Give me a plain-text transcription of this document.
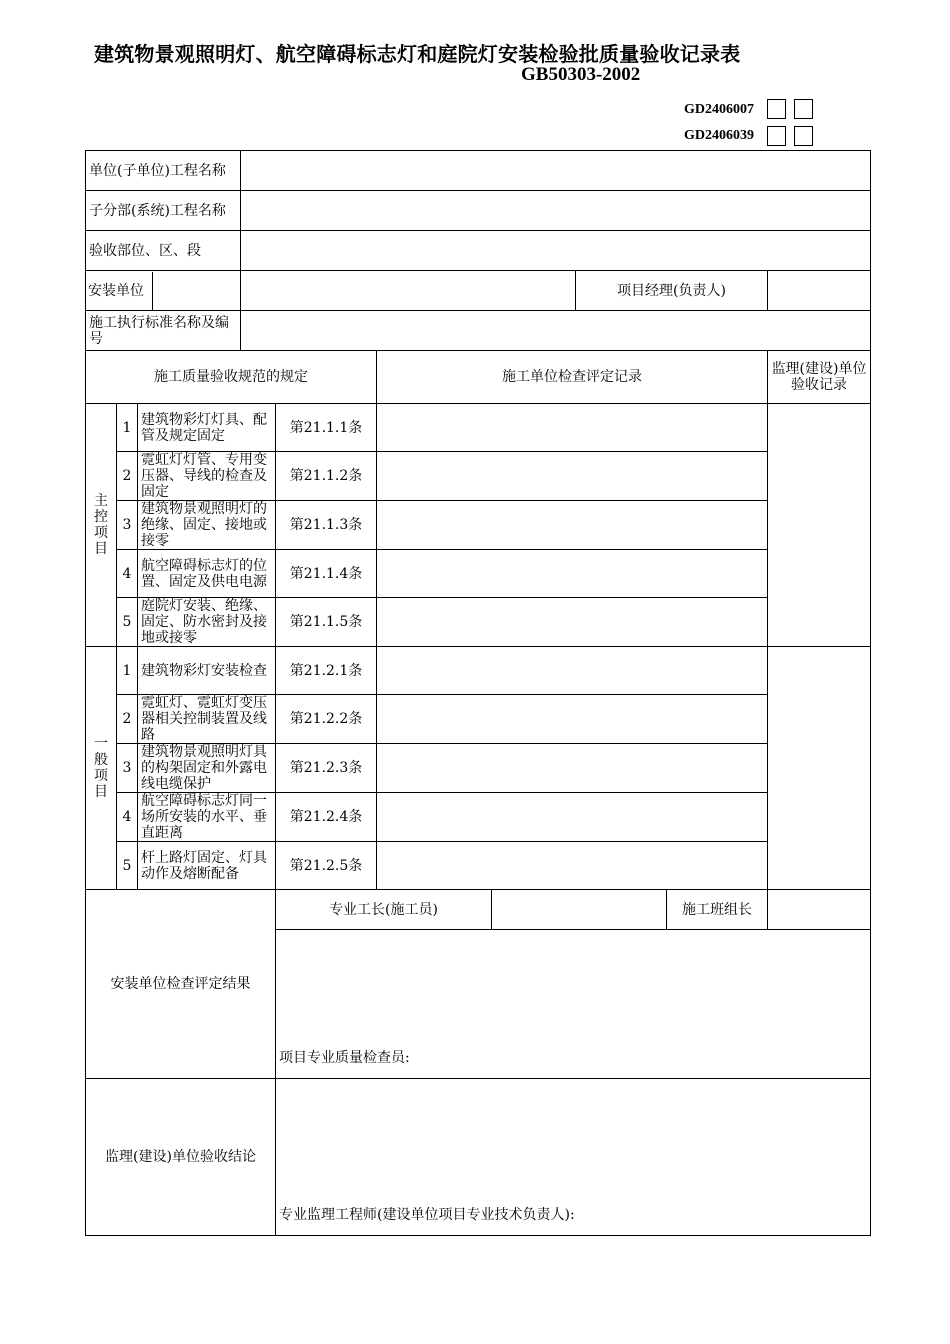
建筑物景观照明灯、航空障碍标志灯和庭院灯安装检验批质量验收记录表
GB50303-2002
GD2406007
GD2406039
单位(子单位)工程名称									
子分部(系统)工程名称									
验收部位、区、段									

安装单位							项目经理(负责人)		
施工执行标准名称及编号									
施工质量验收规范的规定					施工单位检查评定记录				监理(建设)单位验收记录
主
控
项
目	1	建筑物彩灯灯具、配管及规定固定		第21.1.1条					
	2	霓虹灯灯管、专用变压器、导线的检查及固定		第21.1.2条					
	3	建筑物景观照明灯的绝缘、固定、接地或接零		第21.1.3条					
	4	航空障碍标志灯的位置、固定及供电电源		第21.1.4条					
	5	庭院灯安装、绝缘、固定、防水密封及接地或接零		第21.1.5条					
一
般
项
目	1	建筑物彩灯安装检查		第21.2.1条					
	2	霓虹灯、霓虹灯变压器相关控制装置及线路		第21.2.2条					
	3	建筑物景观照明灯具的构架固定和外露电线电缆保护		第21.2.3条					
	4	航空障碍标志灯同一场所安装的水平、垂直距离		第21.2.4条					
	5	杆上路灯固定、灯具动作及熔断配备		第21.2.5条					
安装单位检查评定结果				专业工长(施工员)				施工班组长	
				项目专业质量检查员:					
监理(建设)单位验收结论				专业监理工程师(建设单位项目专业技术负责人):					
